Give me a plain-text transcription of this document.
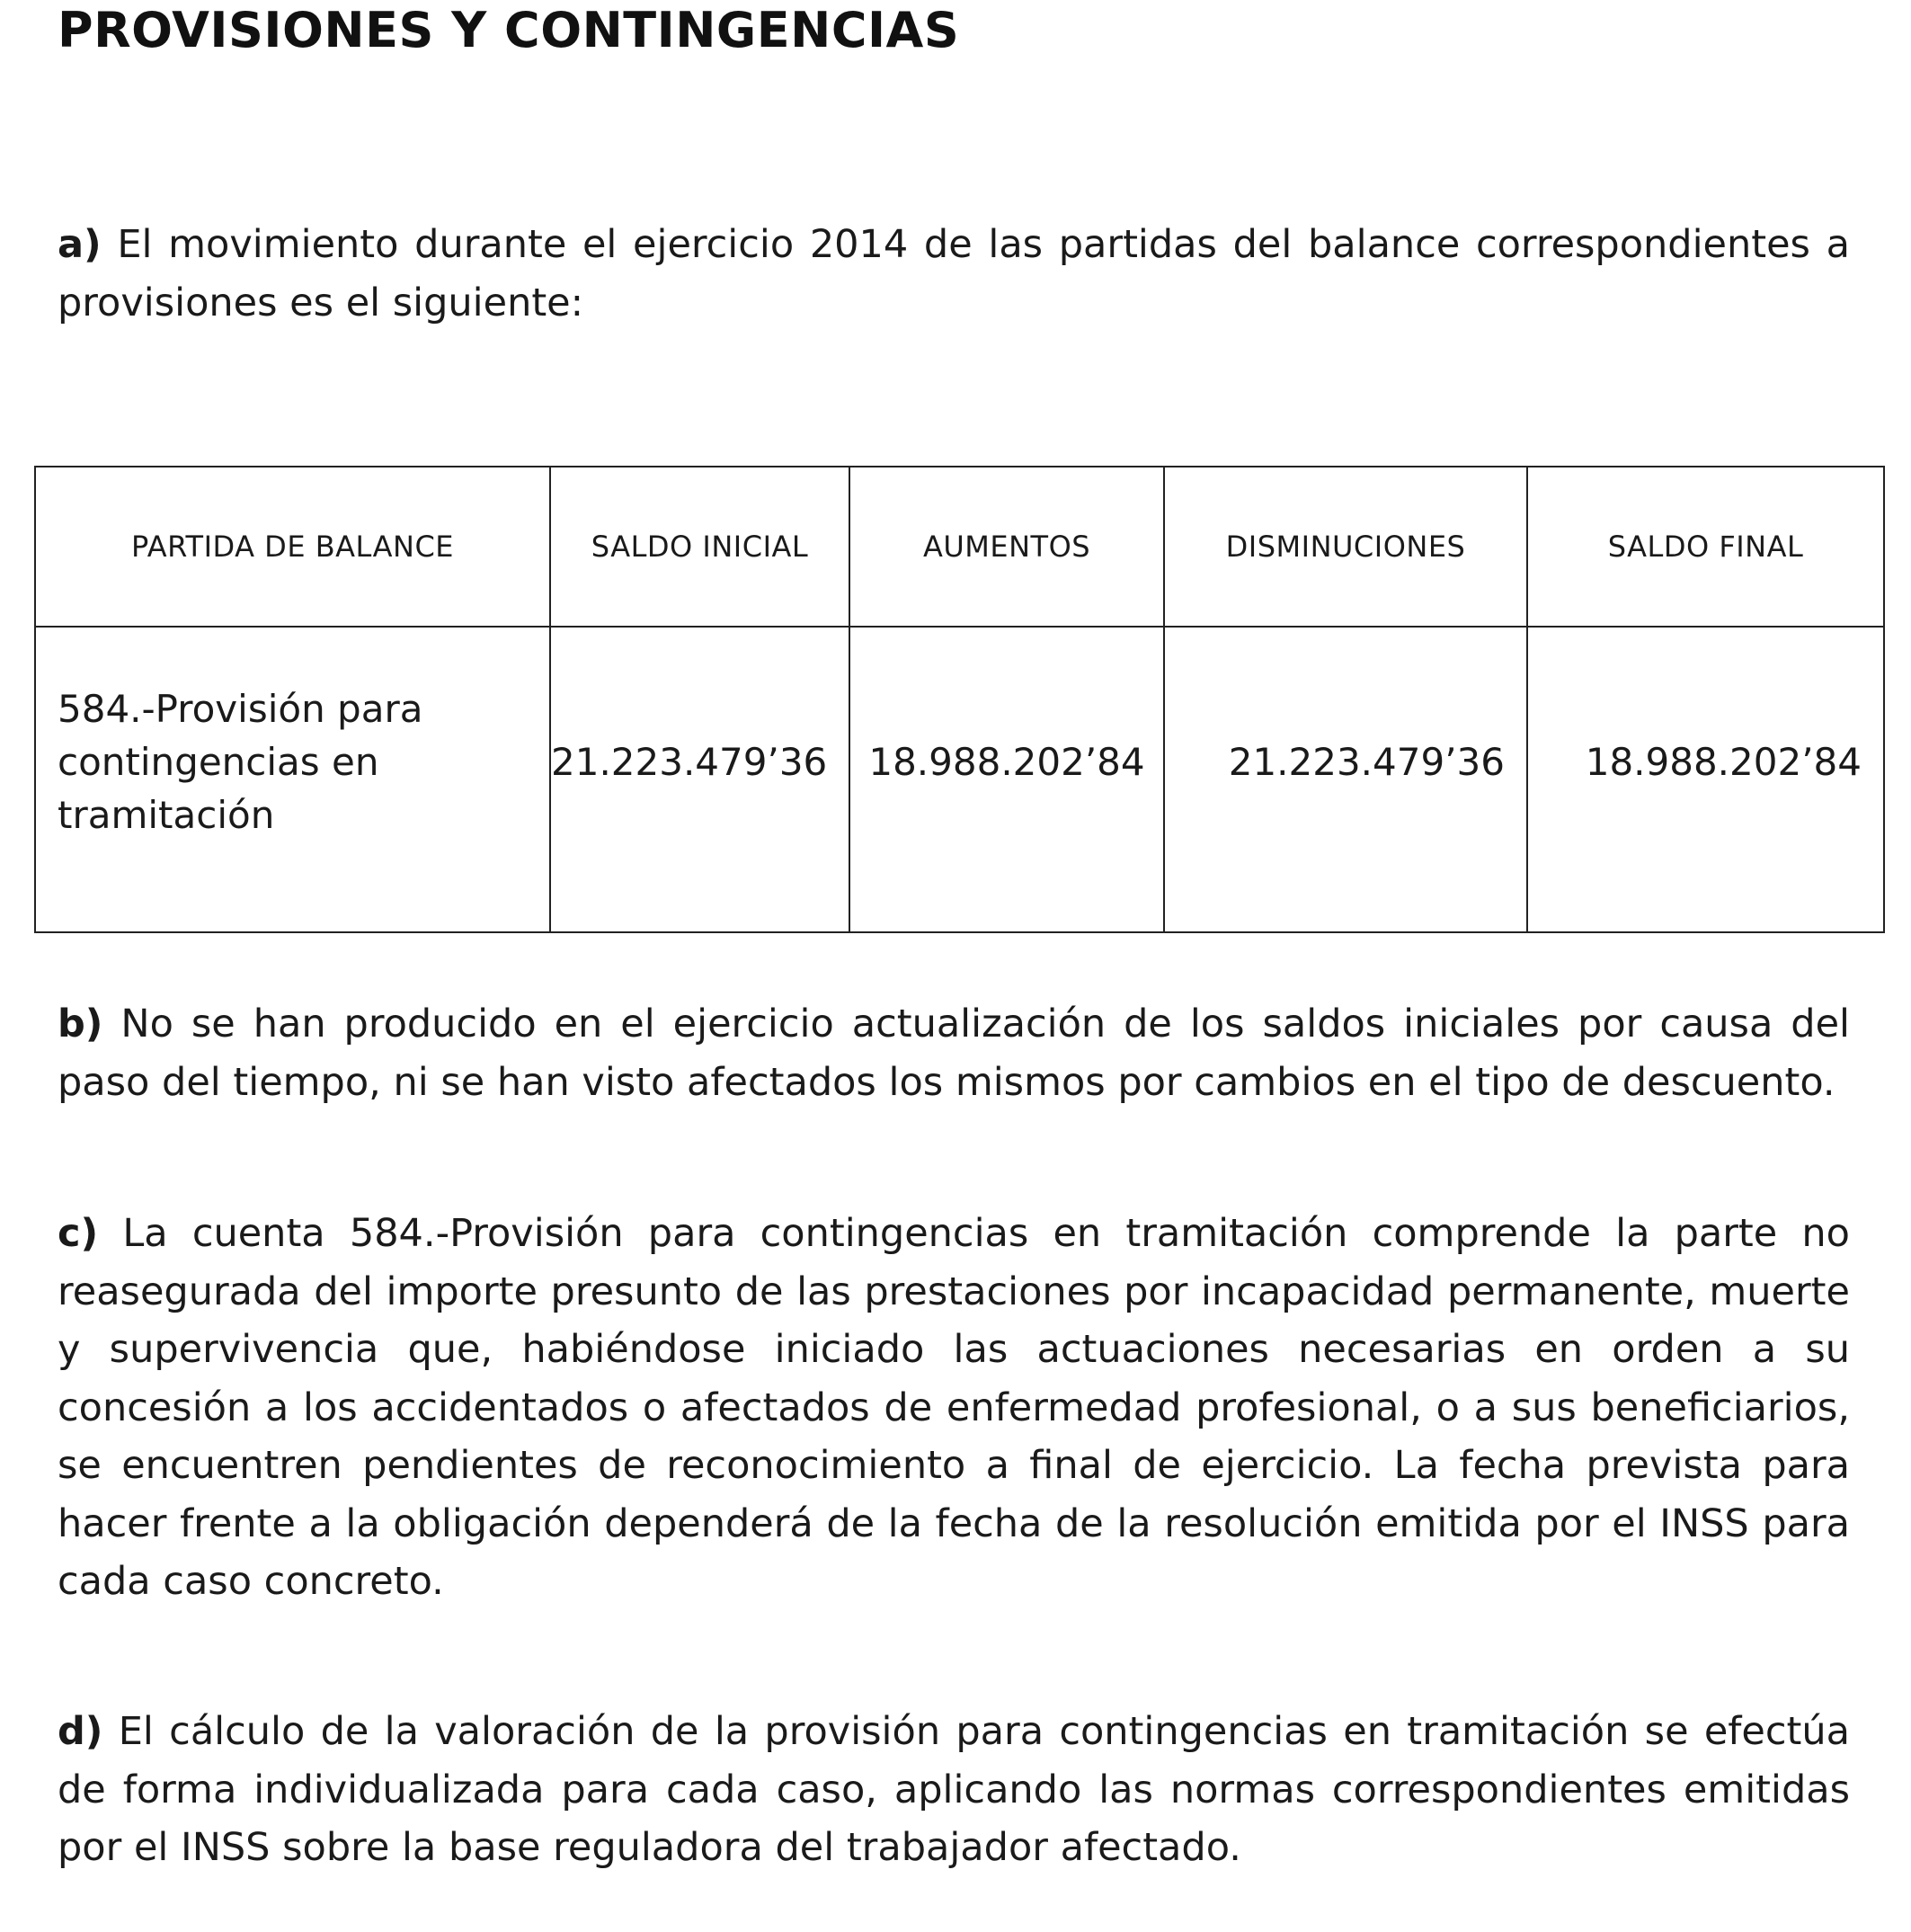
PROVISIONES Y CONTINGENCIAS

a) El movimiento durante el ejercicio 2014 de las partidas del balance correspondientes a provisiones es el siguiente:

PARTIDA DE BALANCE	SALDO INICIAL	AUMENTOS	DISMINUCIONES	SALDO FINAL
584.-Provisión para contingencias en tramitación	21.223.479’36	18.988.202’84	21.223.479’36	18.988.202’84

b) No se han producido en el ejercicio actualización de los saldos iniciales por causa del paso del tiempo, ni se han visto afectados los mismos por cambios en el tipo de descuento.

c) La cuenta 584.-Provisión para contingencias en tramitación comprende la parte no reasegurada del importe presunto de las prestaciones por incapacidad permanente, muerte y supervivencia que, habiéndose iniciado las actuaciones necesarias en orden a su concesión a los accidentados o afectados de enfermedad profesional, o a sus beneficiarios, se encuentren pendientes de reconocimiento a final de ejercicio. La fecha prevista para hacer frente a la obligación dependerá de la fecha de la resolución emitida por el INSS para cada caso concreto.

d) El cálculo de la valoración de la provisión para contingencias en tramitación se efectúa de forma individualizada para cada caso, aplicando las normas correspondientes emitidas por el INSS sobre la base reguladora del trabajador afectado.
